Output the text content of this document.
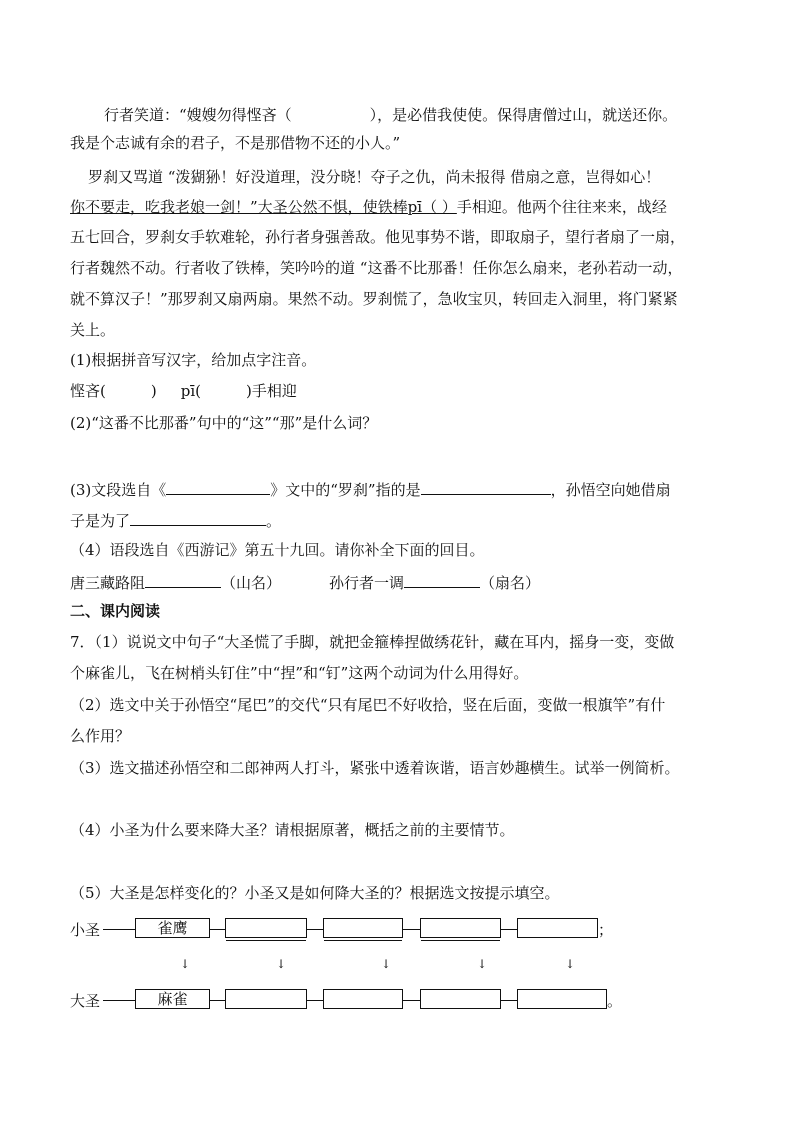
行者笑道：“嫂嫂勿得悭吝（	），是必借我使使。保得唐僧过山，就送还你。
我是个志诚有余的君子，不是那借物不还的小人。”
罗刹又骂道 “泼猢狲！好没道理，没分晓！夺子之仇，尚未报得 借扇之意，岂得如心！
你不要走，吃我老娘一剑！”大圣公然不惧，使铁棒pī（ ）手相迎。他两个往往来来，战经
五七回合，罗刹女手软难轮，孙行者身强善敌。他见事势不谐，即取扇子，望行者扇了一扇，
行者魏然不动。行者收了铁棒，笑吟吟的道 “这番不比那番！任你怎么扇来，老孙若动一动，
就不算汉子！”那罗刹又扇两扇。果然不动。罗刹慌了，急收宝贝，转回走入洞里，将门紧紧
关上。
(1)根据拼音写汉字，给加点字注音。
悭吝(　　　) pī(　　　)手相迎
(2)“这番不比那番”句中的“这”“那”是什么词？
(3)文段选自《	》文中的“罗刹”指的是	，孙悟空向她借扇
子是为了	。
（4）语段选自《西游记》第五十九回。请你补全下面的回目。
唐三藏路阻	（山名）	孙行者一调	（扇名）
二、课内阅读
7．（1）说说文中句子“大圣慌了手脚，就把金箍棒捏做绣花针，藏在耳内，摇身一变，变做
个麻雀儿，飞在树梢头钉住”中“捏”和“钉”这两个动词为什么用得好。
（2）选文中关于孙悟空“尾巴”的交代“只有尾巴不好收拾，竖在后面，变做一根旗竿”有什
么作用？
（3）选文描述孙悟空和二郎神两人打斗，紧张中透着诙谐，语言妙趣横生。试举一例简析。
（4）小圣为什么要来降大圣？请根据原著，概括之前的主要情节。
（5）大圣是怎样变化的？小圣又是如何降大圣的？根据选文按提示填空。
小圣	雀鹰	；
↓	↓	↓	↓	↓
大圣	麻雀	。
